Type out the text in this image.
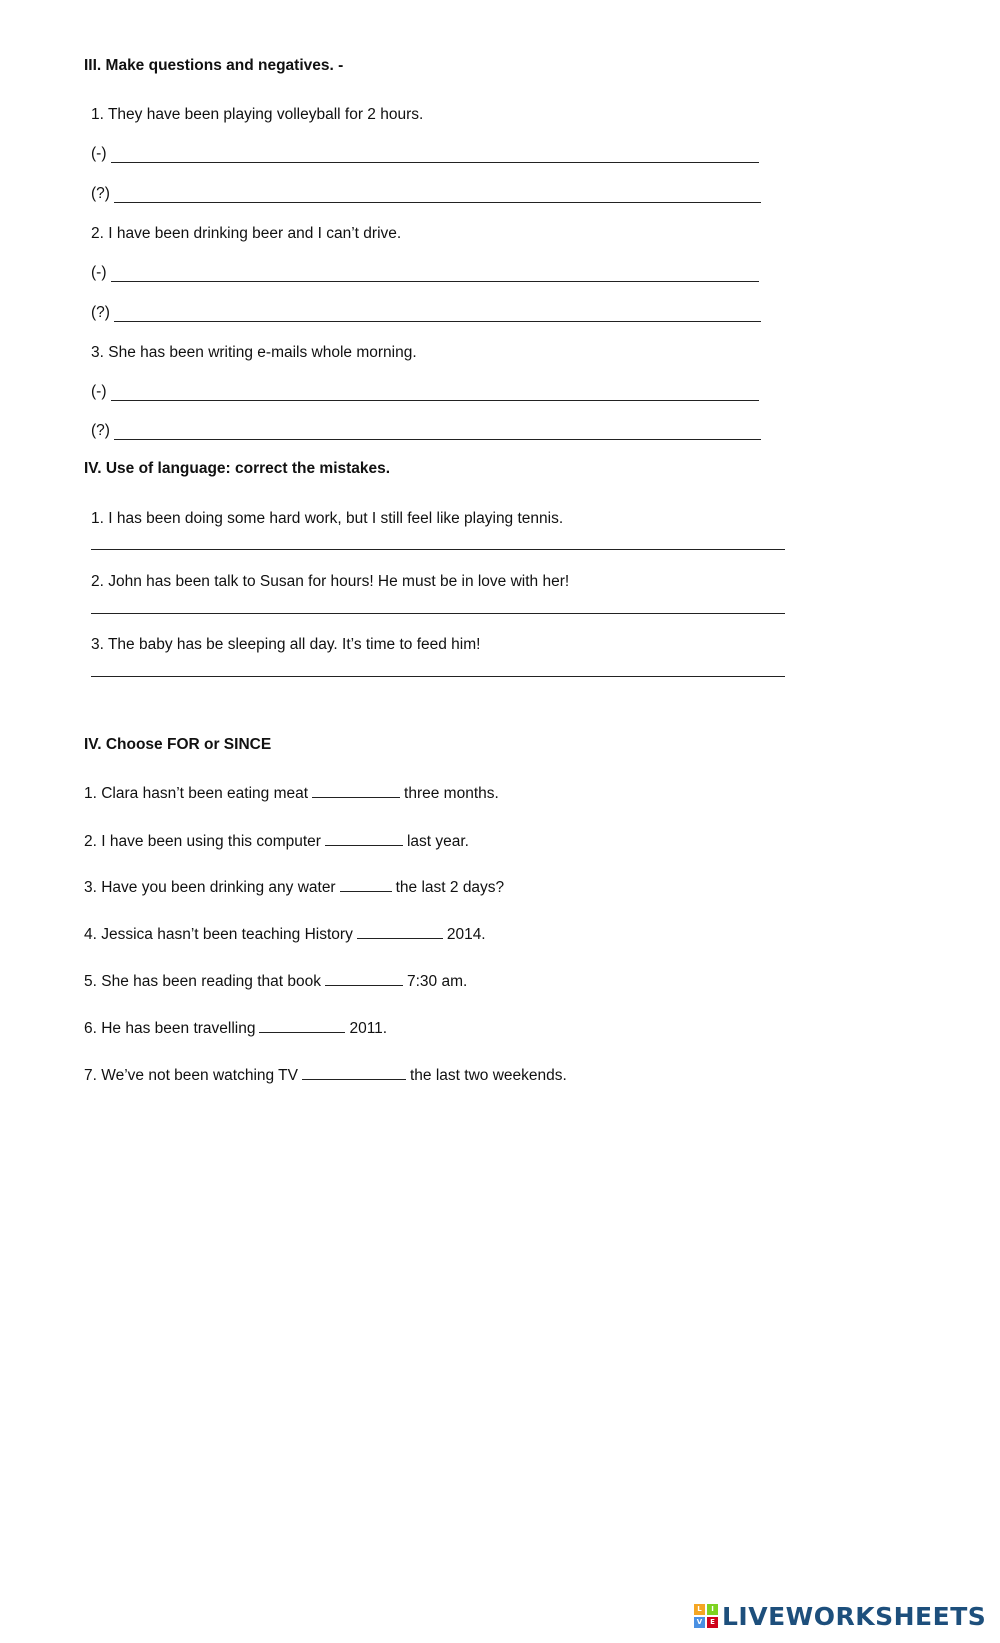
III. Make questions and negatives. -
1. They have been playing volleyball for 2 hours.
(-)
(?)
2. I have been drinking beer and I can’t drive.
(-)
(?)
3. She has been writing e-mails whole morning.
(-)
(?)
IV. Use of language: correct the mistakes.
1. I has been doing some hard work, but I still feel like playing tennis.
2. John has been talk to Susan for hours! He must be in love with her!
3. The baby has be sleeping all day. It’s time to feed him!
IV. Choose FOR or SINCE
1. Clara hasn’t been eating meat	three months.
2. I have been using this computer	last year.
3. Have you been drinking any water	the last 2 days?
4. Jessica hasn’t been teaching History	2014.
5. She has been reading that book	7:30 am.
6. He has been travelling	2011.
7. We’ve not been watching TV	the last two weekends.
L	I
V	E LIVEWORKSHEETS
